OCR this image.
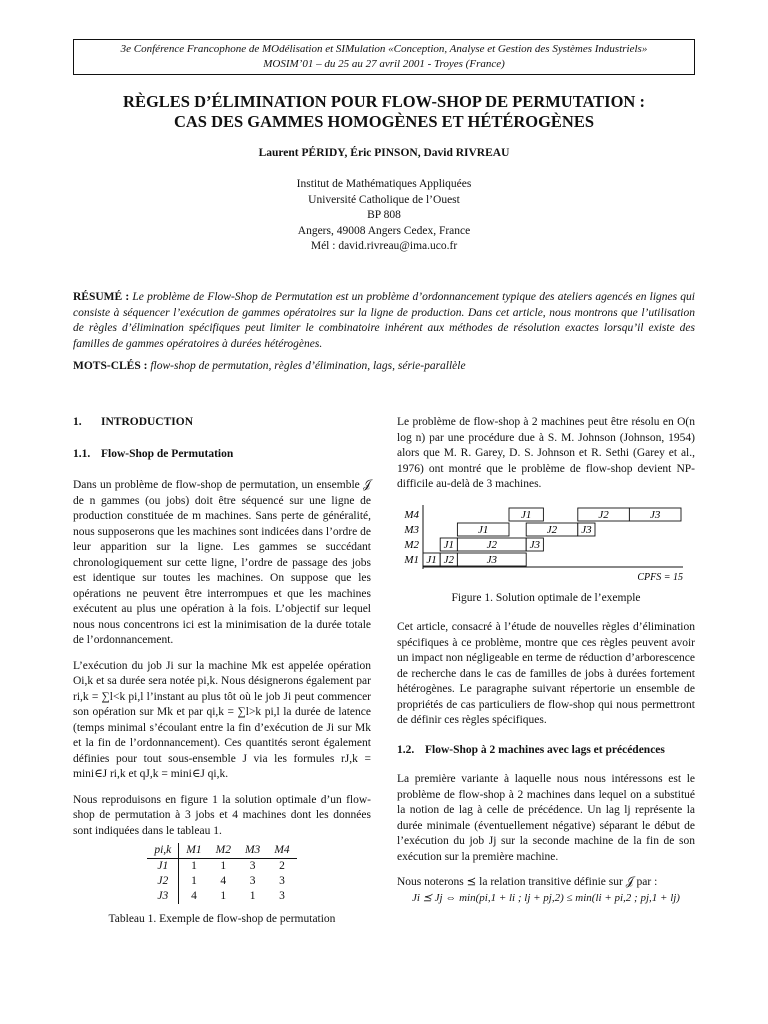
3e Conférence Francophone de MOdélisation et SIMulation «Conception, Analyse et Gestion des Systèmes Industriels»
MOSIM’01 – du 25 au 27 avril 2001 - Troyes (France)
RÈGLES D’ÉLIMINATION POUR FLOW-SHOP DE PERMUTATION :
CAS DES GAMMES HOMOGÈNES ET HÉTÉROGÈNES
Laurent PÉRIDY, Éric PINSON, David RIVREAU
Institut de Mathématiques Appliquées
Université Catholique de l’Ouest
BP 808
Angers, 49008 Angers Cedex, France
Mél : david.rivreau@ima.uco.fr
RÉSUMÉ : Le problème de Flow-Shop de Permutation est un problème d’ordonnancement typique des ateliers agencés en lignes qui consiste à séquencer l’exécution de gammes opératoires sur la ligne de production. Dans cet article, nous montrons que l’utilisation de règles d’élimination spécifiques peut limiter le combinatoire inhérent aux méthodes de résolution exactes lorsqu’il existe des familles de gammes opératoires à durées hétérogènes.
MOTS-CLÉS : flow-shop de permutation, règles d’élimination, lags, série-parallèle
1. INTRODUCTION
1.1. Flow-Shop de Permutation

Dans un problème de flow-shop de permutation, un ensemble 𝒥 de n gammes (ou jobs) doit être séquencé sur une ligne de production constituée de m machines. Sans perte de généralité, nous supposerons que les machines sont indicées dans l’ordre de leur apparition sur la ligne. Les gammes se succédant chronologiquement sur cette ligne, l’ordre de passage des jobs est identique sur toutes les machines. On suppose que les opérations ne peuvent être interrompues et que les machines exécutent au plus une opération à la fois. L’objectif sur lequel nous nous concentrons ici est la minimisation de la durée totale de l’ordonnancement.

L’exécution du job Ji sur la machine Mk est appelée opération Oi,k et sa durée sera notée pi,k. Nous désignerons également par ri,k = ∑l<k pi,l l’instant au plus tôt où le job Ji peut commencer son opération sur Mk et par qi,k = ∑l>k pi,l la durée de latence (temps minimal s’écoulant entre la fin d’exécution de Ji sur Mk et la fin de l’ordonnancement). Ces quantités seront également définies pour tout sous-ensemble J via les formules rJ,k = mini∈J ri,k et qJ,k = mini∈J qi,k.

Nous reproduisons en figure 1 la solution optimale d’un flow-shop de permutation à 3 jobs et 4 machines dont les données sont indiquées dans le tableau 1.

pi,k	M1	M2	M3	M4
J1	1	1	3	2
J2	1	4	3	3
J3	4	1	1	3

Tableau 1. Exemple de flow-shop de permutation

Le problème de flow-shop à 2 machines peut être résolu en O(n log n) par une procédure due à S. M. Johnson (Johnson, 1954) alors que M. R. Garey, D. S. Johnson et R. Sethi (Garey et al., 1976) ont montré que le problème de flow-shop devient NP-difficile au-delà de 3 machines.

M1
M2
M3
M4
J1 J2	J3
J1	J2	J3
J1	J2 J3
J1	J2	J3
CPFS = 15

Figure 1. Solution optimale de l’exemple

Cet article, consacré à l’étude de nouvelles règles d’élimination spécifiques à ce problème, montre que ces règles peuvent avoir un impact non négligeable en terme de réduction d’arborescence de recherche dans le cas de familles de jobs à durées fortement hétérogènes. Le paragraphe suivant répertorie un ensemble de propriétés de cas particuliers de flow-shop qui nous permettront de définir ces règles spécifiques.

1.2. Flow-Shop à 2 machines avec lags et précédences

La première variante à laquelle nous nous intéressons est le problème de flow-shop à 2 machines dans lequel on a substitué la notion de lag à celle de précédence. Un lag lj représente la durée minimale (éventuellement négative) séparant le début de l’exécution du job Jj sur la seconde machine de la fin de son exécution sur la première machine.

Nous noterons ⪯ la relation transitive définie sur 𝒥 par :

Ji ⪯ Jj ⇔ min(pi,1 + li ; lj + pj,2) ≤ min(li + pi,2 ; pj,1 + lj)
